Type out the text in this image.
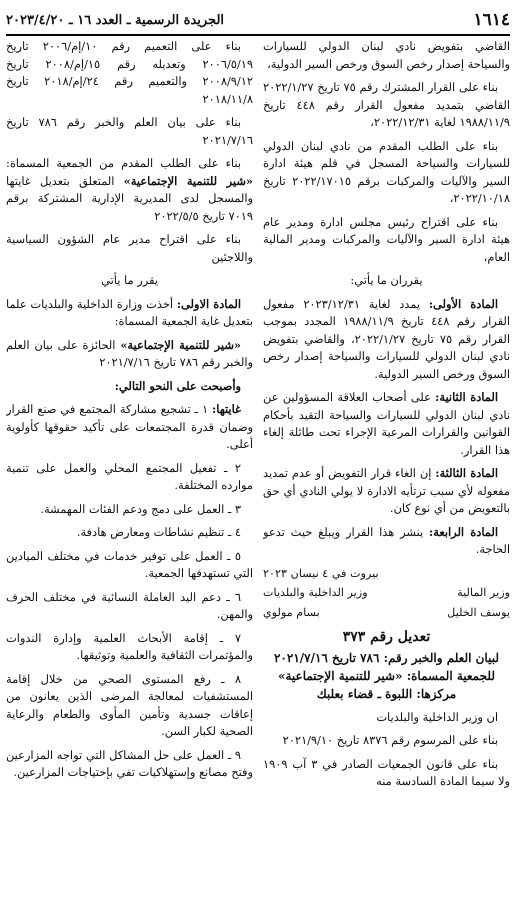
١٦١٤
الجريدة الرسمية ـ العدد ١٦ ـ ٢٠٢٣/٤/٢٠

القاضي بتفويض نادي لبنان الدولي للسيارات والسياحة إصدار رخص السوق ورخص السير الدولية،

بناء على القرار المشترك رقم ٧٥ تاريخ ٢٠٢٢/١/٢٧ القاضي بتمديد مفعول القرار رقم ٤٤٨ تاريخ ١٩٨٨/١١/٩ لغاية ٢٠٢٢/١٢/٣١،

بناء على الطلب المقدم من نادي لبنان الدولي للسيارات والسياحة المسجل في قلم هيئة ادارة السير والآليات والمركبات برقم ٢٠٢٢/١٧٠١٥ تاريخ ٢٠٢٢/١٠/١٨،

بناء على اقتراح رئيس مجلس ادارة ومدير عام هيئة ادارة السير والآليات والمركبات ومدير المالية العام،

يقرران ما يأتي:

المادة الأولى: يمدد لغاية ٢٠٢٣/١٢/٣١ مفعول القرار رقم ٤٤٨ تاريخ ١٩٨٨/١١/٩ المجدد بموجب القرار رقم ٧٥ تاريخ ٢٠٢٢/١/٢٧، والقاضي بتفويض نادي لبنان الدولي للسيارات والسياحة إصدار رخص السوق ورخص السير الدولية.

المادة الثانية: على أصحاب العلاقة المسؤولين عن نادي لبنان الدولي للسيارات والسياحة التقيد بأحكام القوانين والقرارات المرعية الإجراء تحت طائلة إلغاء هذا القرار.

المادة الثالثة: إن الغاء قرار التفويض أو عدم تمديد مفعوله لأي سبب ترتأيه الادارة لا يولي النادي أي حق بالتعويض من أي نوع كان.

المادة الرابعة: ينشر هذا القرار ويبلغ حيث تدعو الحاجة.

بيروت في ٤ نيسان ٢٠٢٣
وزير المالية
وزير الداخلية والبلديات
يوسف الخليل
بسام مولوي
تعديل رقم ٣٧٣
لبيان العلم والخبر رقم: ٧٨٦ تاريخ ٢٠٢١/٧/١٦ للجمعية المسماة: «شير للتنمية الإجتماعية» مركزها: اللبوة ـ قضاء بعلبك

ان وزير الداخلية والبلديات

بناء على المرسوم رقم ٨٣٧٦ تاريخ ٢٠٢١/٩/١٠

بناء على قانون الجمعيات الصادر في ٣ آب ١٩٠٩ ولا سيما المادة السادسة منه

بناء على التعميم رقم ١٠/إم/٢٠٠٦ تاريخ ٢٠٠٦/٥/١٩ وتعديله رقم ١٥/إم/٢٠٠٨ تاريخ ٢٠٠٨/٩/١٢ والتعميم رقم ٢٤/إم/٢٠١٨ تاريخ ٢٠١٨/١١/٨

بناء على بيان العلم والخبر رقم ٧٨٦ تاريخ ٢٠٢١/٧/١٦

بناء على الطلب المقدم من الجمعية المسماة: «شير للتنمية الإجتماعية» المتعلق بتعديل غايتها والمسجل لدى المديرية الإدارية المشتركة برقم ٧٠١٩ تاريخ ٢٠٢٢/٥/٥

بناء على اقتراح مدير عام الشؤون السياسية واللاجئين

يقرر ما يأتي

المادة الاولى: أخذت وزارة الداخلية والبلديات علما بتعديل غاية الجمعية المسماة:

«شير للتنمية الإجتماعية» الحائزة على بيان العلم والخبر رقم ٧٨٦ تاريخ ٢٠٢١/٧/١٦

وأصبحت على النحو التالي:

غايتها: ١ ـ تشجيع مشاركة المجتمع في صنع القرار وضمان قدرة المجتمعات على تأكيد حقوقها كأولوية أعلى.

٢ ـ تفعيل المجتمع المحلي والعمل على تنمية موارده المختلفة.

٣ ـ العمل على دمج ودعم الفئات المهمشة.

٤ ـ تنظيم نشاطات ومعارض هادفة.

٥ ـ العمل على توفير خدمات في مختلف الميادين التي تستهدفها الجمعية.

٦ ـ دعم اليد العاملة النسائية في مختلف الحرف والمهن.

٧ ـ إقامة الأبحاث العلمية وإدارة الندوات والمؤتمرات الثقافية والعلمية وتوثيقها.

٨ ـ رفع المستوى الصحي من خلال إقامة المستشفيات لمعالجة المرضى الذين يعانون من إعاقات جسدية وتأمين المأوى والطعام والرعاية الصحية لكبار السن.

٩ ـ العمل على حل المشاكل التي تواجه المزارعين وفتح مصانع وإستهلاكيات تفي بإحتياجات المزارعين.
